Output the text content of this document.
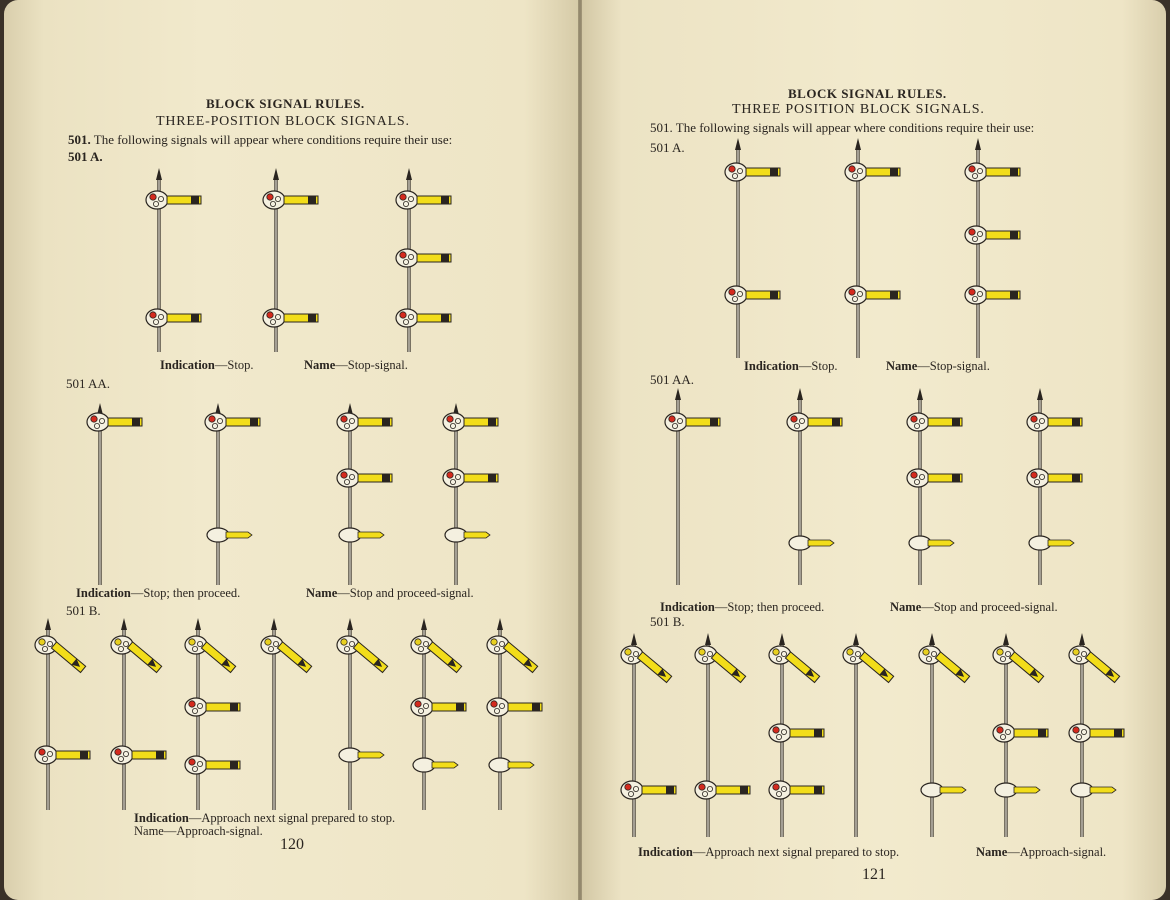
BLOCK SIGNAL RULES.
THREE-POSITION BLOCK SIGNALS.
501. The following signals will appear where conditions require their use:
501 A.
Indication—Stop.	Name—Stop-signal.
501 AA.
Indication—Stop; then proceed.	Name—Stop and proceed-signal.
501 B.
Indication—Approach next signal prepared to stop.
Name—Approach-signal.
120
BLOCK SIGNAL RULES.
THREE POSITION BLOCK SIGNALS.
501. The following signals will appear where conditions require their use:
501 A.
Indication—Stop.	Name—Stop-signal.
501 AA.
Indication—Stop; then proceed.	Name—Stop and proceed-signal.
501 B.
Indication—Approach next signal prepared to stop.	Name—Approach-signal.
121
